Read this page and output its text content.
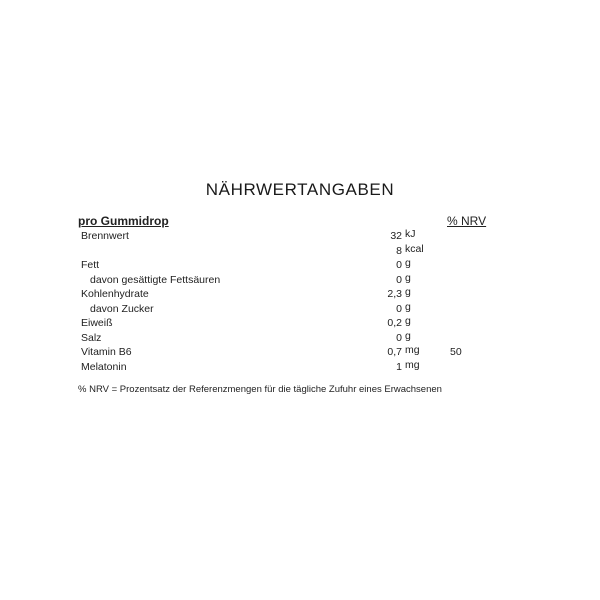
NÄHRWERTANGABEN
pro Gummidrop	% NRV
Brennwert	32 kJ
8 kcal
Fett	0 g
davon gesättigte Fettsäuren	0 g
Kohlenhydrate	2,3 g
davon Zucker	0 g
Eiweiß	0,2 g
Salz	0 g
Vitamin B6	0,7 mg	50
Melatonin	1 mg
% NRV = Prozentsatz der Referenzmengen für die tägliche Zufuhr eines Erwachsenen
